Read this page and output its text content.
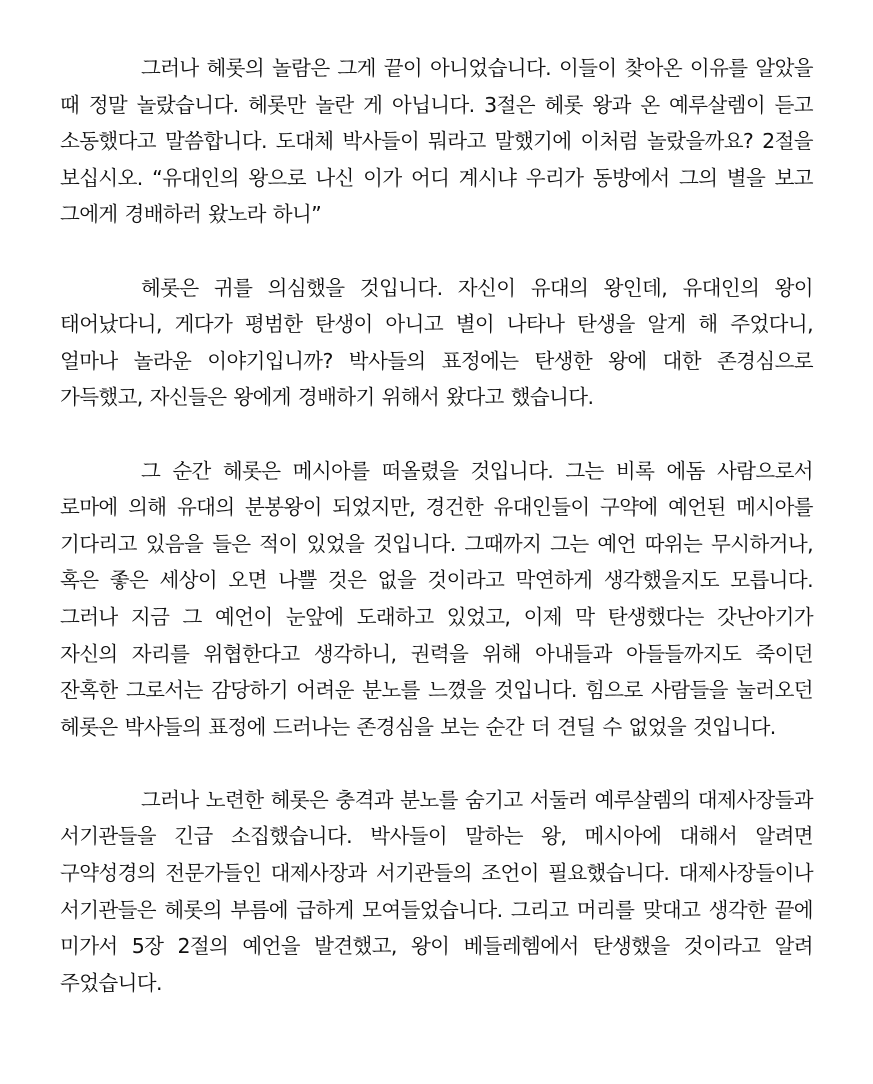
그러나 헤롯의 놀람은 그게 끝이 아니었습니다. 이들이 찾아온 이유를 알았을 때 정말 놀랐습니다. 헤롯만 놀란 게 아닙니다. 3절은 헤롯 왕과 온 예루살렘이 듣고 소동했다고 말씀합니다. 도대체 박사들이 뭐라고 말했기에 이처럼 놀랐을까요? 2절을 보십시오. “유대인의 왕으로 나신 이가 어디 계시냐 우리가 동방에서 그의 별을 보고 그에게 경배하러 왔노라 하니”

헤롯은 귀를 의심했을 것입니다. 자신이 유대의 왕인데, 유대인의 왕이 태어났다니, 게다가 평범한 탄생이 아니고 별이 나타나 탄생을 알게 해 주었다니, 얼마나 놀라운 이야기입니까? 박사들의 표정에는 탄생한 왕에 대한 존경심으로 가득했고, 자신들은 왕에게 경배하기 위해서 왔다고 했습니다.

그 순간 헤롯은 메시아를 떠올렸을 것입니다. 그는 비록 에돔 사람으로서 로마에 의해 유대의 분봉왕이 되었지만, 경건한 유대인들이 구약에 예언된 메시아를 기다리고 있음을 들은 적이 있었을 것입니다. 그때까지 그는 예언 따위는 무시하거나, 혹은 좋은 세상이 오면 나쁠 것은 없을 것이라고 막연하게 생각했을지도 모릅니다. 그러나 지금 그 예언이 눈앞에 도래하고 있었고, 이제 막 탄생했다는 갓난아기가 자신의 자리를 위협한다고 생각하니, 권력을 위해 아내들과 아들들까지도 죽이던 잔혹한 그로서는 감당하기 어려운 분노를 느꼈을 것입니다. 힘으로 사람들을 눌러오던 헤롯은 박사들의 표정에 드러나는 존경심을 보는 순간 더 견딜 수 없었을 것입니다.

그러나 노련한 헤롯은 충격과 분노를 숨기고 서둘러 예루살렘의 대제사장들과 서기관들을 긴급 소집했습니다. 박사들이 말하는 왕, 메시아에 대해서 알려면 구약성경의 전문가들인 대제사장과 서기관들의 조언이 필요했습니다. 대제사장들이나 서기관들은 헤롯의 부름에 급하게 모여들었습니다. 그리고 머리를 맞대고 생각한 끝에 미가서 5장 2절의 예언을 발견했고, 왕이 베들레헴에서 탄생했을 것이라고 알려 주었습니다.
